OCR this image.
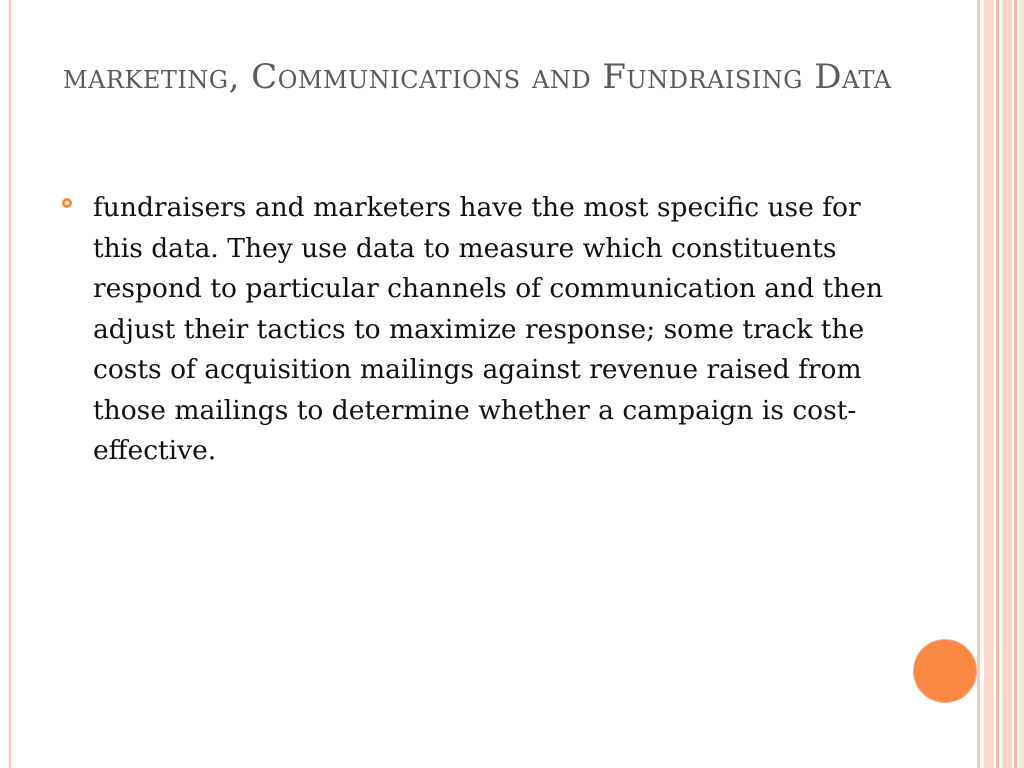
marketing, Communications and Fundraising Data
fundraisers and marketers have the most specific use for this data. They use data to measure which constituents respond to particular channels of communication and then adjust their tactics to maximize response; some track the costs of acquisition mailings against revenue raised from those mailings to determine whether a campaign is cost-effective.
